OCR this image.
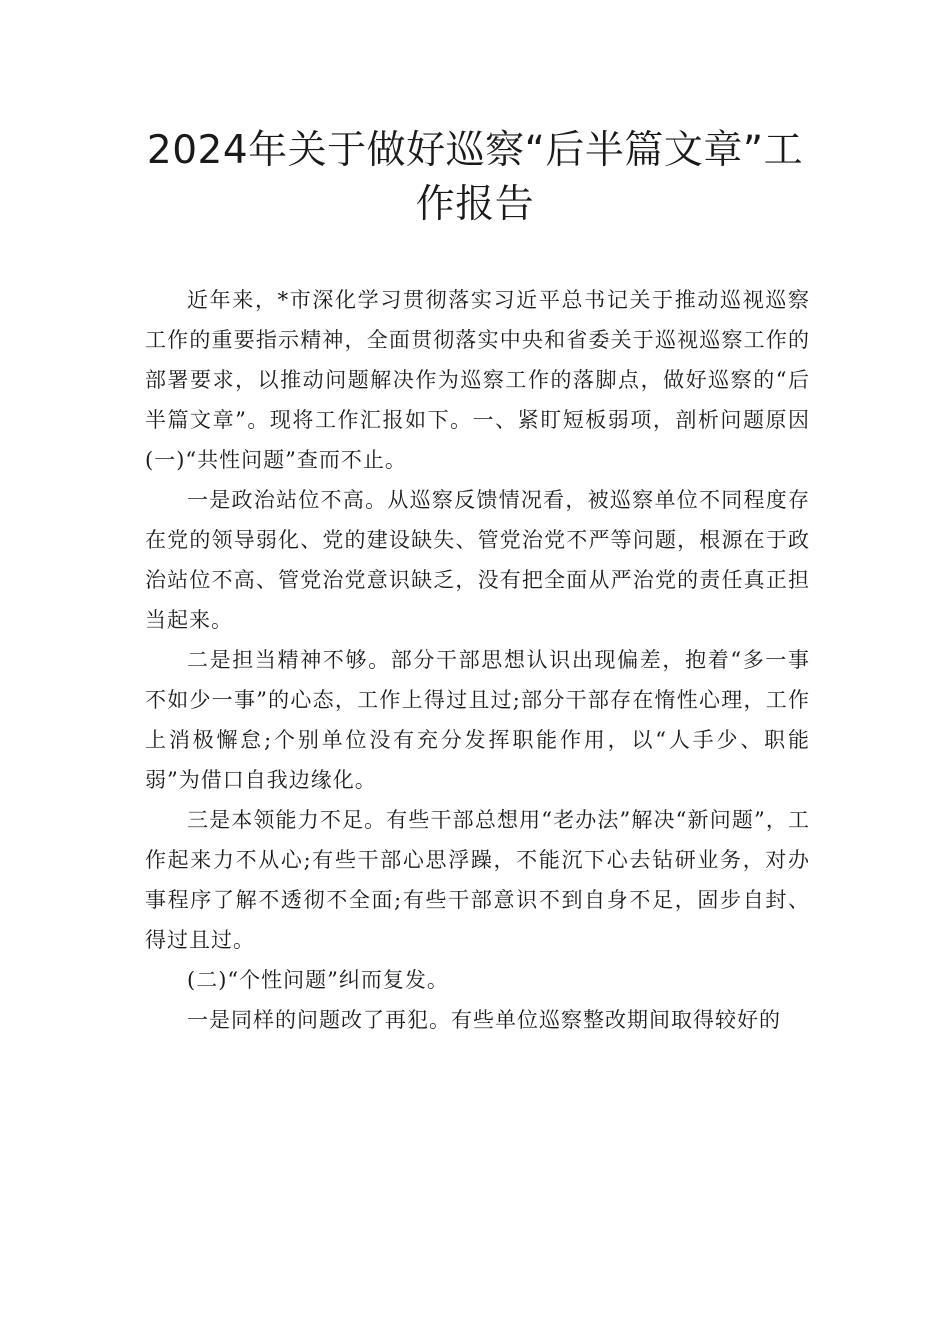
2024年关于做好巡察“后半篇文章”工作报告

近年来，*市深化学习贯彻落实习近平总书记关于推动巡视巡察工作的重要指示精神，全面贯彻落实中央和省委关于巡视巡察工作的部署要求，以推动问题解决作为巡察工作的落脚点，做好巡察的“后半篇文章”。现将工作汇报如下。一、紧盯短板弱项，剖析问题原因　　(一)“共性问题”查而不止。

一是政治站位不高。从巡察反馈情况看，被巡察单位不同程度存在党的领导弱化、党的建设缺失、管党治党不严等问题，根源在于政治站位不高、管党治党意识缺乏，没有把全面从严治党的责任真正担当起来。

二是担当精神不够。部分干部思想认识出现偏差，抱着“多一事不如少一事”的心态，工作上得过且过;部分干部存在惰性心理，工作上消极懈怠;个别单位没有充分发挥职能作用，以“人手少、职能弱”为借口自我边缘化。

三是本领能力不足。有些干部总想用“老办法”解决“新问题”，工作起来力不从心;有些干部心思浮躁，不能沉下心去钻研业务，对办事程序了解不透彻不全面;有些干部意识不到自身不足，固步自封、得过且过。

(二)“个性问题”纠而复发。

一是同样的问题改了再犯。有些单位巡察整改期间取得较好的
